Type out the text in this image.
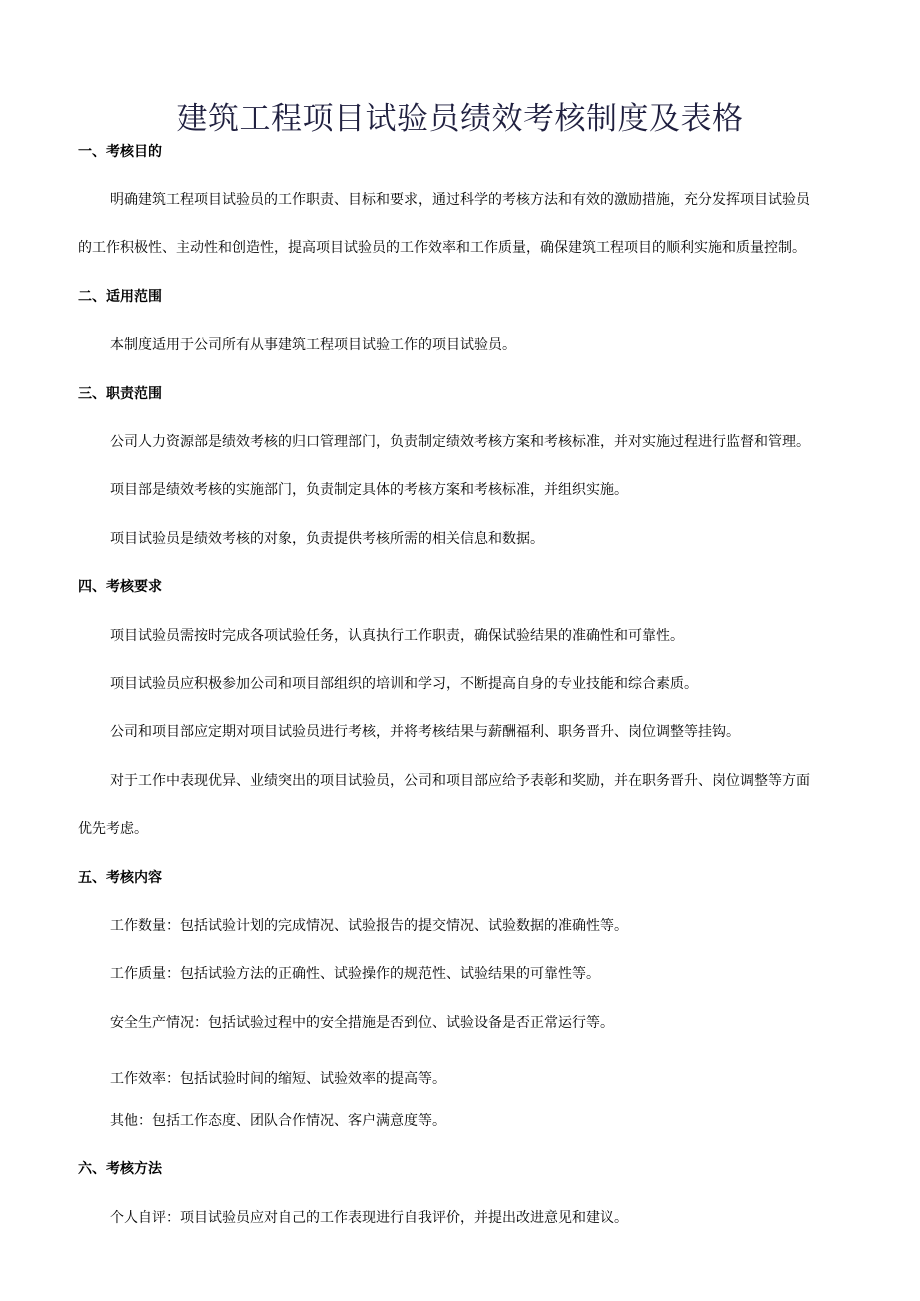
建筑工程项目试验员绩效考核制度及表格
一、考核目的
明确建筑工程项目试验员的工作职责、目标和要求，通过科学的考核方法和有效的激励措施，充分发挥项目试验员
的工作积极性、主动性和创造性，提高项目试验员的工作效率和工作质量，确保建筑工程项目的顺利实施和质量控制。
二、适用范围
本制度适用于公司所有从事建筑工程项目试验工作的项目试验员。
三、职责范围
公司人力资源部是绩效考核的归口管理部门，负责制定绩效考核方案和考核标准，并对实施过程进行监督和管理。
项目部是绩效考核的实施部门，负责制定具体的考核方案和考核标准，并组织实施。
项目试验员是绩效考核的对象，负责提供考核所需的相关信息和数据。
四、考核要求
项目试验员需按时完成各项试验任务，认真执行工作职责，确保试验结果的准确性和可靠性。
项目试验员应积极参加公司和项目部组织的培训和学习，不断提高自身的专业技能和综合素质。
公司和项目部应定期对项目试验员进行考核，并将考核结果与薪酬福利、职务晋升、岗位调整等挂钩。
对于工作中表现优异、业绩突出的项目试验员，公司和项目部应给予表彰和奖励，并在职务晋升、岗位调整等方面
优先考虑。
五、考核内容
工作数量：包括试验计划的完成情况、试验报告的提交情况、试验数据的准确性等。
工作质量：包括试验方法的正确性、试验操作的规范性、试验结果的可靠性等。
安全生产情况：包括试验过程中的安全措施是否到位、试验设备是否正常运行等。
工作效率：包括试验时间的缩短、试验效率的提高等。
其他：包括工作态度、团队合作情况、客户满意度等。
六、考核方法
个人自评：项目试验员应对自己的工作表现进行自我评价，并提出改进意见和建议。
